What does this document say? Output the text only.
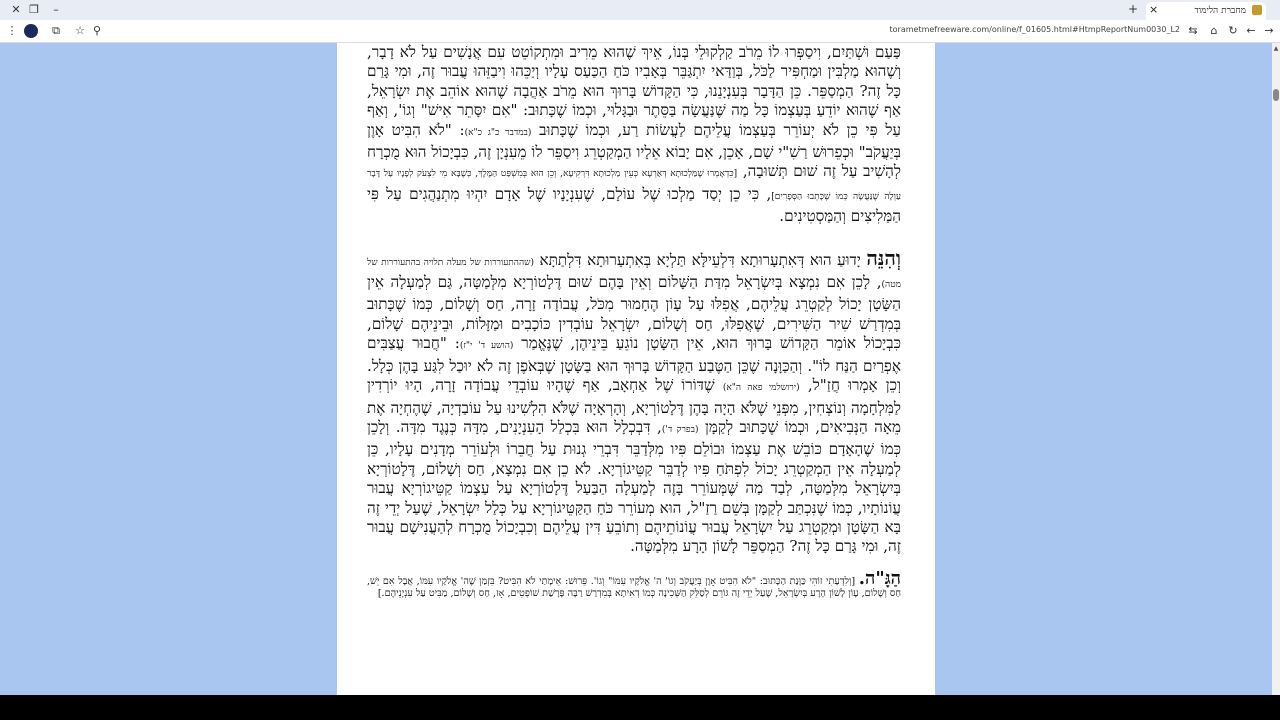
✕ ❐	–	+ ×	מחברת הלימוד
⋮	⧉	☆ ⚲	torametmefreeware.com/online/f_01605.html#HtmpReportNum0030_L2 ⇆	⌂ ↻ ← →

פַּעַם וּשְׁתַּיִם, וִיסַפְּרוּ לוֹ מֵרֹב קַלְקוּלֵי בְּנוֹ, אֵיךְ שֶׁהוּא מֵרִיב וּמִתְקוֹטֵט עִם אֲנָשִׁים עַל לֹא דָבָר, וְשֶׁהוּא מַלְבִּין וּמַחְפִּיר לַכֹּל, בְּוַדַּאי יִתְגַּבֵּר בְּאָבִיו כֹּחַ הַכַּעַס עָלָיו וְיַכֵּהוּ וִיבַזֵּהוּ עֲבוּר זֶה, וּמִי גָּרַם כָּל זֶה? הַמְסַפֵּר. כֵּן הַדָּבָר בְּעִנְיָנֵנוּ, כִּי הַקָּדוֹשׁ בָּרוּךְ הוּא מֵרֹב אַהֲבָה שֶׁהוּא אוֹהֵב אֶת יִשְׂרָאֵל, אַף שֶׁהוּא יוֹדֵעַ בְּעַצְמוֹ כָּל מַה שֶּׁנַּעֲשָׂה בַּסֵּתֶר וּבַגָּלוּי, וּכְמוֹ שֶׁכָּתוּב: "אִם יִסָּתֵר אִישׁ" וְגוֹ', וְאַף עַל פִּי כֵן לֹא יְעוֹרֵר בְּעַצְמוֹ עֲלֵיהֶם לַעֲשׂוֹת רַע, וּכְמוֹ שֶׁכָּתוּב (במדבר כ"ג כ"א): "לֹא הִבִּיט אָוֶן בְּיַעֲקֹב" וּכְפֵרוּשׁ רַשִׁ"י שָׁם, אָכֵן, אִם יָבוֹא אֵלָיו הַמְקַטְרֵג וִיסַפֵּר לוֹ מֵעִנְיָן זֶה, כִּבְיָכוֹל הוּא מֻכְרָח לְהָשִׁיב עַל זֶה שׁוּם תְּשׁוּבָה, [כִּדְאָמְרוּ שֶׁמַּלְכוּתָא דְּאַרְעָא כְּעֵין מַלְכוּתָא דִּרְקִיעָא, וְכֵן הוּא בְּמִשְׁפַּט הַמֶּלֶךְ, כְּשֶׁבָּא מִי לִצְעֹק לְפָנָיו עַל דָּבָר עַוְלָה שֶׁנַּעֲשָׂה כְּמוֹ שֶׁכָּתְבוּ הַסְּפָרִים], כִּי כֵן יְסַד מַלְכוּ שֶׁל עוֹלָם, שֶׁעִנְיָנָיו שֶׁל אָדָם יִהְיוּ מִתְנַהֲגִים עַל פִּי הַמַּלִיצִים וְהַמַּסְטִינִים.

וְהִנֵּה יָדוּעַ הוּא דְּאִתְעָרוּתָא דִּלְעֵילָּא תַּלְיָא בְּאִתְעָרוּתָא דִּלְתַתָּא (שההתעוררות של מעלה תלויה בהתעוררות של מטה), לָכֵן אִם נִמְצָא בְּיִשְׂרָאֵל מִדַּת הַשָּׁלוֹם וְאֵין בָּהֶם שׁוּם דֶּלָטוֹרְיָא מִלְּמַטָּה, גַּם לְמַעְלָה אֵין הַשָּׂטָן יָכוֹל לְקַטְרֵג עֲלֵיהֶם, אֲפִלּוּ עַל עָוֹן הֶחָמוּר מִכֹּל, עֲבוֹדָה זָרָה, חַס וְשָׁלוֹם, כְּמוֹ שֶׁכָּתוּב בְּמִדְרַשׁ שִׁיר הַשִּׁירִים, שֶׁאֲפִלּוּ, חַס וְשָׁלוֹם, יִשְׂרָאֵל עוֹבְדִין כּוֹכָבִים וּמַזָּלוֹת, וּבֵינֵיהֶם שָׁלוֹם, כִּבְיָכוֹל אוֹמֵר הַקָּדוֹשׁ בָּרוּךְ הוּא, אֵין הַשָּׂטָן נוֹגֵעַ בֵּינֵיהֶן, שֶׁנֶּאֱמַר (הושע ד' י"ז): "חֲבוּר עֲצַבִּים אֶפְרַיִם הַנַּח לוֹ". וְהַכַּוָּנָה שֶׁכֵּן הַטֶּבַע הַקָּדוֹשׁ בָּרוּךְ הוּא בַּשָּׂטָן שֶׁבְּאֹפֶן זֶה לֹא יוּכַל לִגַּע בָּהֶן כְּלָל. וְכֵן אָמְרוּ חֲזַ"ל, (ירושלמי פאה ה"א) שֶׁדּוֹרוֹ שֶׁל אַחְאָב, אַף שֶׁהָיוּ עוֹבְדֵי עֲבוֹדָה זָרָה, הָיוּ יוֹרְדִין לַמִּלְחָמָה וְנוֹצְחִין, מִפְּנֵי שֶׁלֹּא הָיָה בָּהֶן דֶּלָטוֹרְיָא, וְהָרְאָיָה שֶׁלֹּא הִלְשִׁינוּ עַל עוֹבַדְיָה, שֶׁהֶחְיָה אֶת מֵאָה הַנְּבִיאִים, וּכְמוֹ שֶׁכָּתוּב לְקַמָּן (בפרק ד'), דִּבְכְלָל הוּא בִּכְלַל הָעִנְיָנִים, מִדָּה כְּנֶגֶד מִדָּה. וְלָכֵן כְּמוֹ שֶׁהָאָדָם כּוֹבֵשׁ אֶת עַצְמוֹ וּבוֹלֵם פִּיו מִלְּדַבֵּר דִּבְרֵי גְנוּת עַל חֲבֵרוֹ וּלְעוֹרֵר מְדָנִים עָלָיו, כֵּן לְמַעְלָה אֵין הַמְקַטְרֵג יָכוֹל לִפְתֹּחַ פִּיו לְדַבֵּר קַטֵּיגוֹרְיָא. לֹא כֵן אִם נִמְצָא, חַס וְשָׁלוֹם, דֶּלָטוֹרְיָא בְּיִשְׂרָאֵל מִלְּמַטָּה, לְבַד מַה שֶּׁמְּעוֹרֵר בָּזֶה לְמַעְלָה הַבַּעַל דֶּלָטוֹרְיָא עַל עַצְמוֹ קַטֵּיגוֹרְיָא עֲבוּר עֲוֹנוֹתָיו, כְּמוֹ שֶׁנִּכְתַּב לְקַמָּן בְּשֵׁם רַזַ"ל, הוּא מְעוֹרֵר כֹּחַ הַקַּטֵּיגוֹרְיָא עַל כְּלַל יִשְׂרָאֵל, שֶׁעַל יְדֵי זֶה בָּא הַשָּׂטָן וּמְקַטְרֵג עַל יִשְׂרָאֵל עֲבוּר עֲוֹנוֹתֵיהֶם וְתוֹבֵעַ דִּין עֲלֵיהֶם וְכִבְיָכוֹל מֻכְרָח לְהַעֲנִישָׁם עֲבוּר זֶה, וּמִי גָּרַם כָּל זֶה? הַמְסַפֵּר לָשׁוֹן הָרָע מִלְּמַטָּה.

הַגָּ"ה. [וְלִדְעָתִי זוֹהִי כַּוָּנַת הַכָּתוּב: "לֹא הִבִּיט אָוֶן בְּיַעֲקֹב וְגוֹ' ה' אֱלֹקָיו עִמּוֹ" וְגוֹ'. פֵּרוּשׁ: אֵימָתַי לֹא הִבִּיט? בִּזְמַן שֶׁה' אֱלֹקָיו עִמּוֹ, אֲבָל אִם יֵשׁ, חַס וְשָׁלוֹם, עָוֹן לָשׁוֹן הָרָע בְּיִשְׂרָאֵל, שֶׁעַל יְדֵי זֶה גּוֹרֵם לְסַלֵּק הַשְּׁכִינָה כְּמוֹ דְאִיתָא בְּמִדְרַשׁ רַבָּה פָּרָשַׁת שׁוֹפְטִים, אָז, חַס וְשָׁלוֹם, מַבִּיט עַל עִנְיָנֵיהֶם.]

▲
